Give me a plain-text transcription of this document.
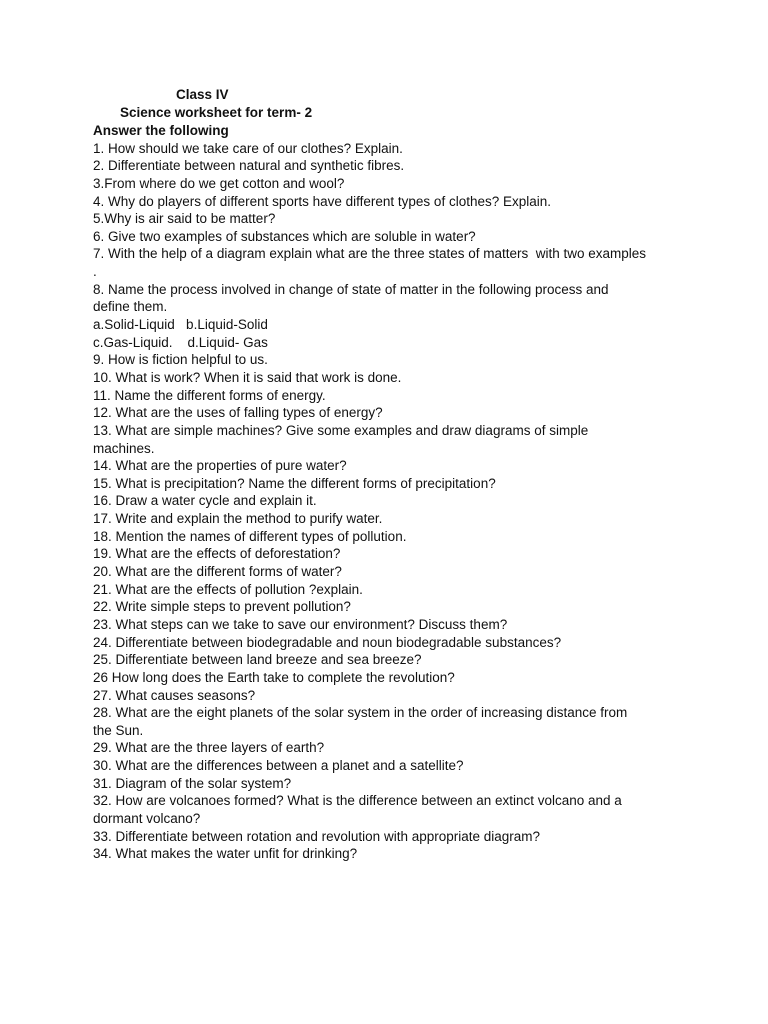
Class IV
Science worksheet for term- 2
Answer the following
1. How should we take care of our clothes? Explain.
2. Differentiate between natural and synthetic fibres.
3.From where do we get cotton and wool?
4. Why do players of different sports have different types of clothes? Explain.
5.Why is air said to be matter?
6. Give two examples of substances which are soluble in water?
7. With the help of a diagram explain what are the three states of matters  with two examples
.
8. Name the process involved in change of state of matter in the following process and
define them.
a.Solid-Liquid   b.Liquid-Solid
c.Gas-Liquid.    d.Liquid- Gas
9. How is fiction helpful to us.
10. What is work? When it is said that work is done.
11. Name the different forms of energy.
12. What are the uses of falling types of energy?
13. What are simple machines? Give some examples and draw diagrams of simple
machines.
14. What are the properties of pure water?
15. What is precipitation? Name the different forms of precipitation?
16. Draw a water cycle and explain it.
17. Write and explain the method to purify water.
18. Mention the names of different types of pollution.
19. What are the effects of deforestation?
20. What are the different forms of water?
21. What are the effects of pollution ?explain.
22. Write simple steps to prevent pollution?
23. What steps can we take to save our environment? Discuss them?
24. Differentiate between biodegradable and noun biodegradable substances?
25. Differentiate between land breeze and sea breeze?
26 How long does the Earth take to complete the revolution?
27. What causes seasons?
28. What are the eight planets of the solar system in the order of increasing distance from
the Sun.
29. What are the three layers of earth?
30. What are the differences between a planet and a satellite?
31. Diagram of the solar system?
32. How are volcanoes formed? What is the difference between an extinct volcano and a
dormant volcano?
33. Differentiate between rotation and revolution with appropriate diagram?
34. What makes the water unfit for drinking?
